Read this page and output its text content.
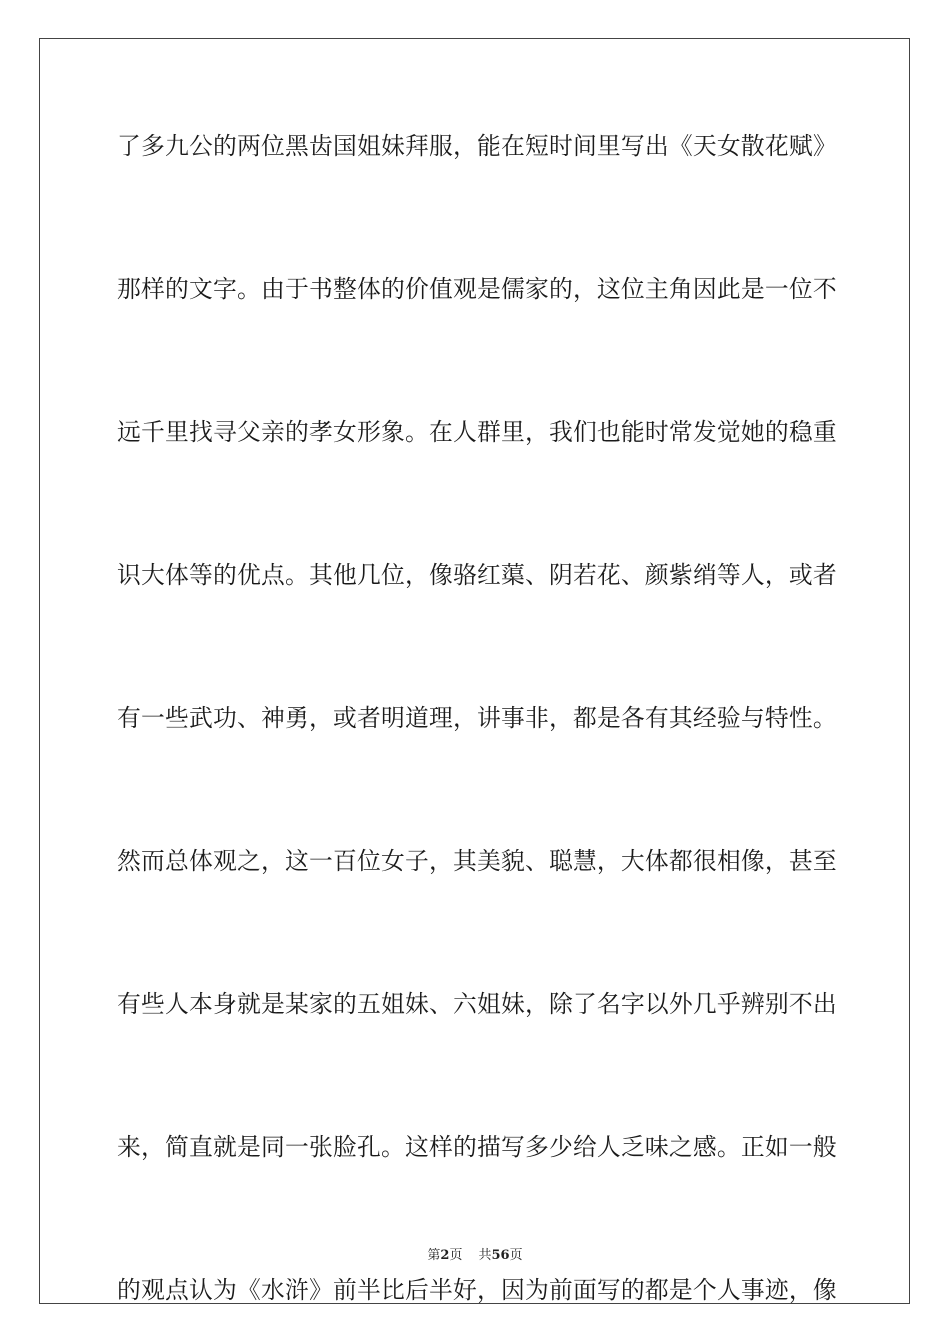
了多九公的两位黑齿国姐妹拜服，能在短时间里写出《天女散花赋》
那样的文字。由于书整体的价值观是儒家的，这位主角因此是一位不
远千里找寻父亲的孝女形象。在人群里，我们也能时常发觉她的稳重
识大体等的优点。其他几位，像骆红蕖、阴若花、颜紫绡等人，或者
有一些武功、神勇，或者明道理，讲事非，都是各有其经验与特性。
然而总体观之，这一百位女子，其美貌、聪慧，大体都很相像，甚至
有些人本身就是某家的五姐妹、六姐妹，除了名字以外几乎辨别不出
来，简直就是同一张脸孔。这样的描写多少给人乏味之感。正如一般
的观点认为《水浒》前半比后半好，因为前面写的都是个人事迹，像
第2页 共56页
